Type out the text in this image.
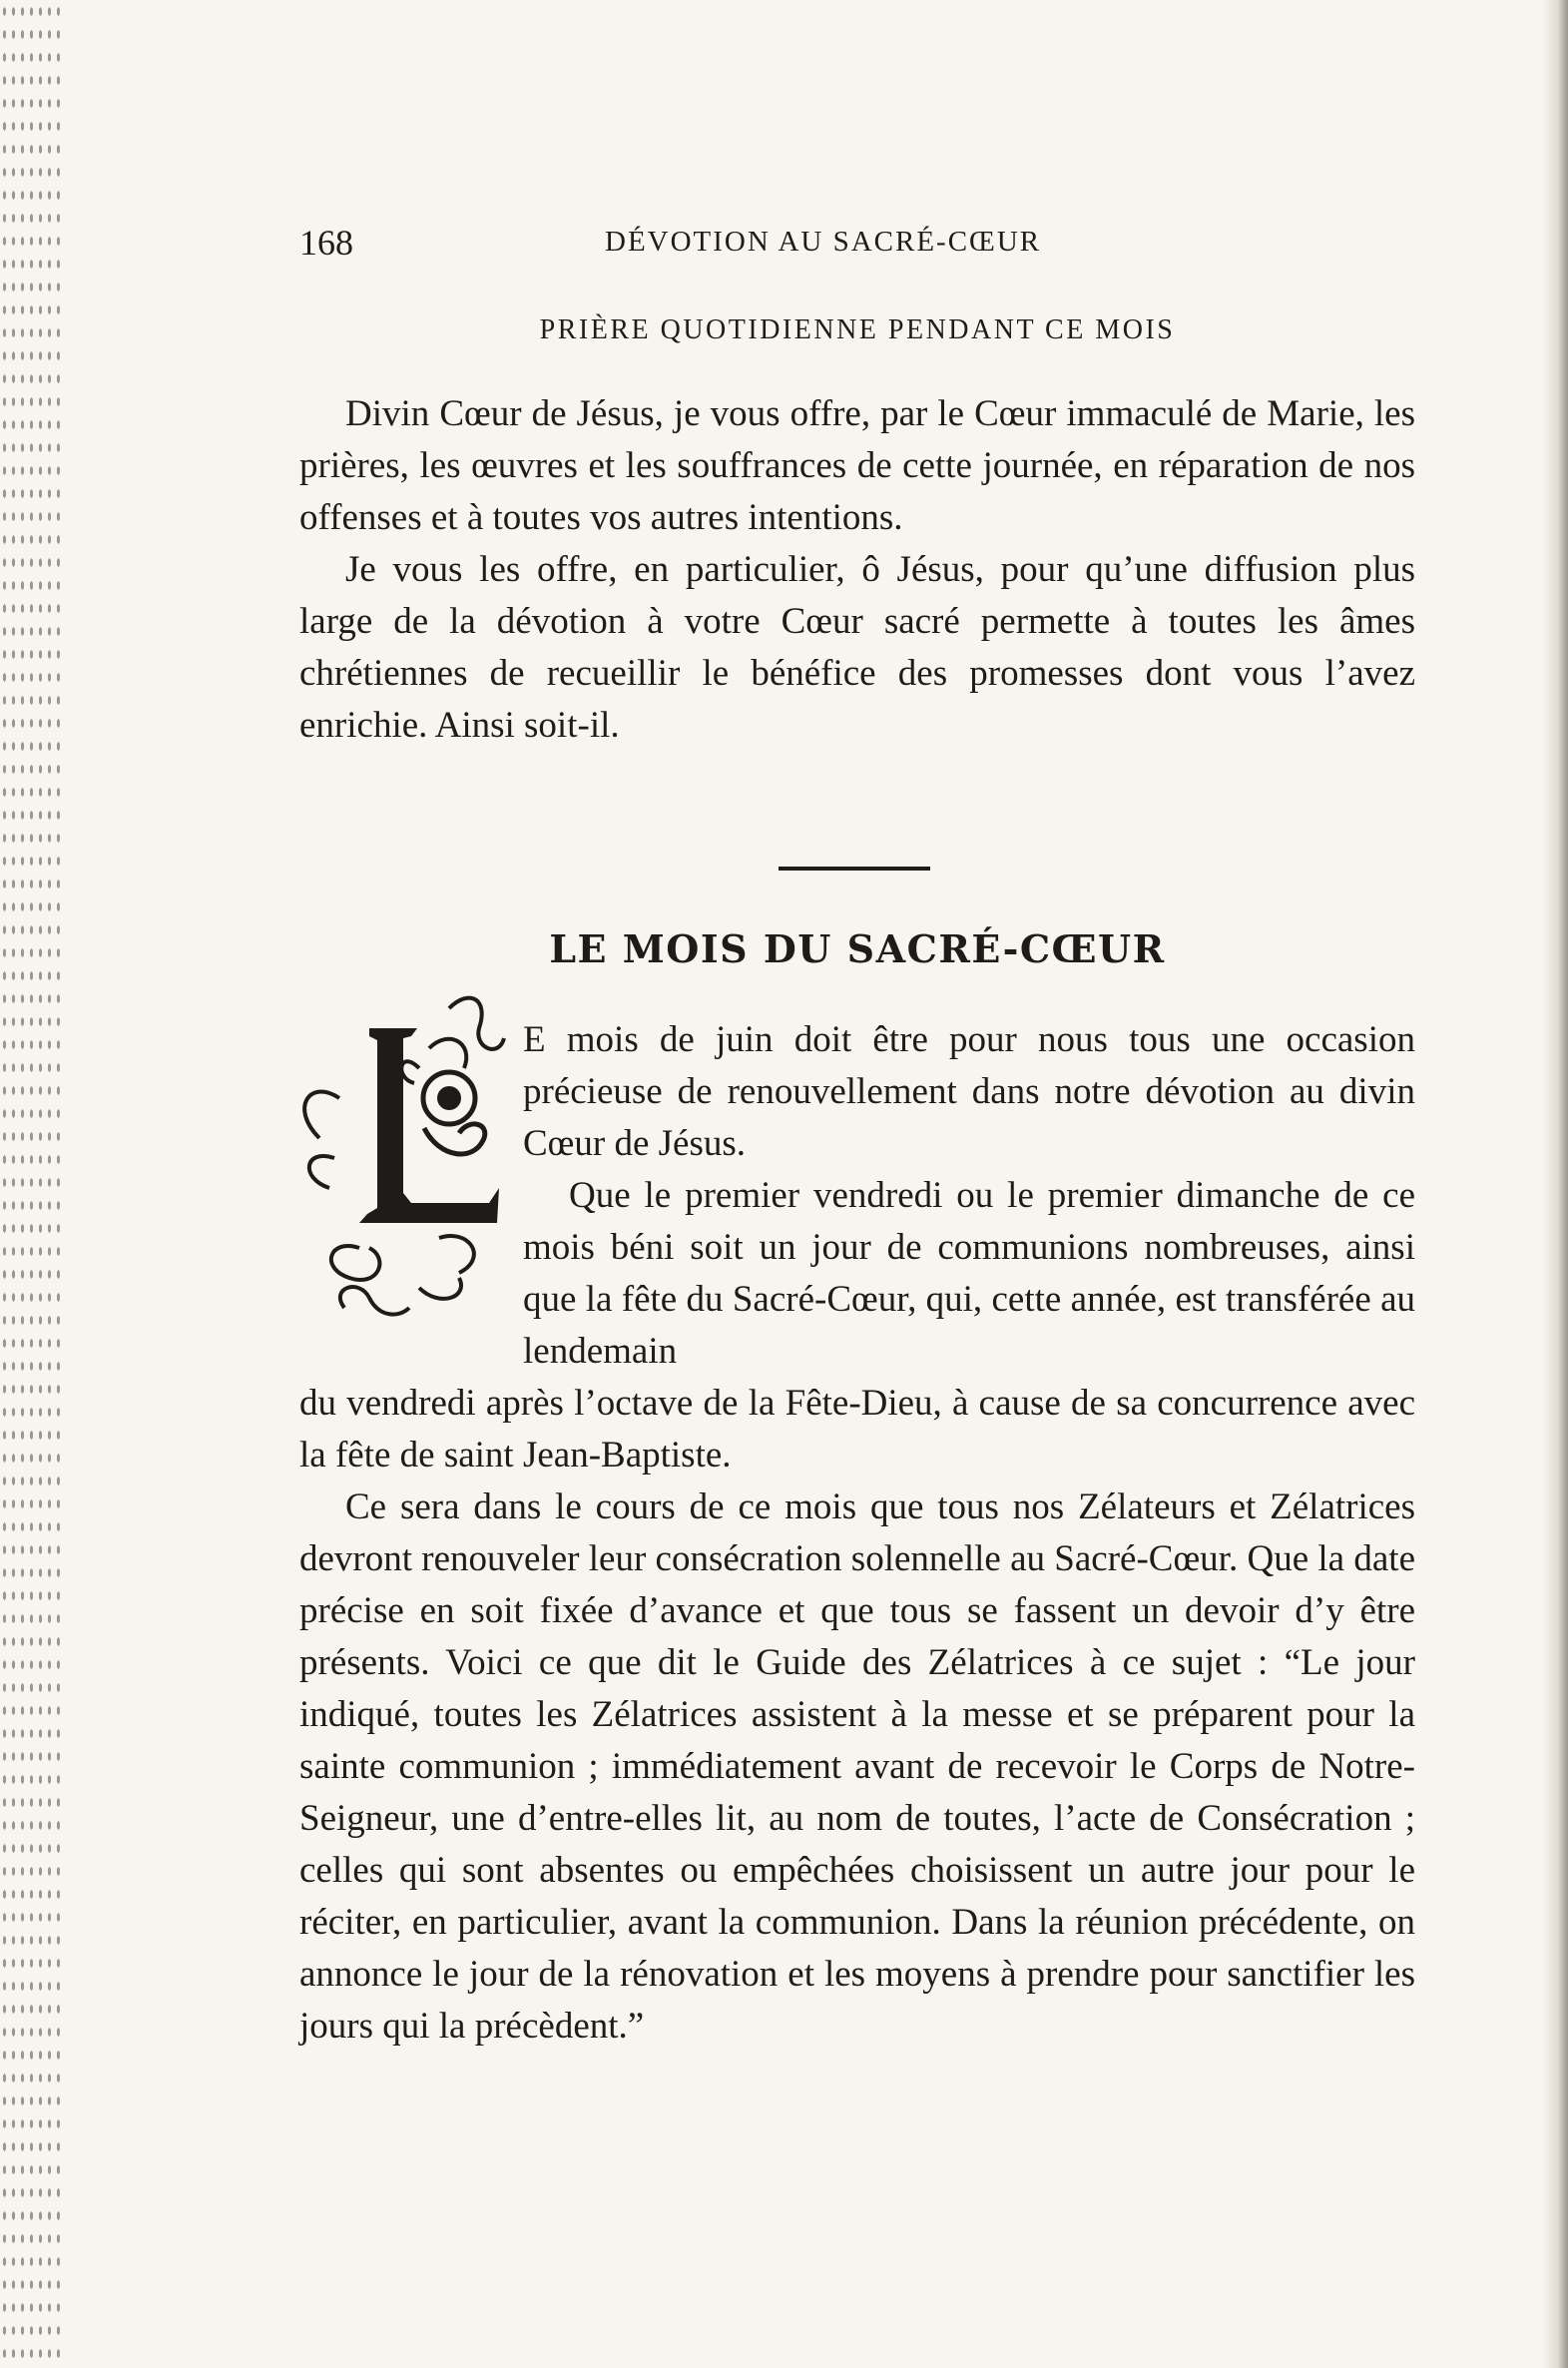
168	DÉVOTION AU SACRÉ-CŒUR
PRIÈRE QUOTIDIENNE PENDANT CE MOIS

Divin Cœur de Jésus, je vous offre, par le Cœur immaculé de Marie, les prières, les œuvres et les souffrances de cette journée, en réparation de nos offenses et à toutes vos autres intentions.

Je vous les offre, en particulier, ô Jésus, pour qu’une diffusion plus large de la dévotion à votre Cœur sacré permette à toutes les âmes chrétiennes de recueillir le bénéfice des promesses dont vous l’avez enrichie. Ainsi soit-il.

LE MOIS DU SACRÉ-CŒUR

E mois de juin doit être pour nous tous une occasion précieuse de renouvellement dans notre dévotion au divin Cœur de Jésus.

Que le premier vendredi ou le premier dimanche de ce mois béni soit un jour de communions nombreuses, ainsi que la fête du Sacré-Cœur, qui, cette année, est transférée au lendemain

du vendredi après l’octave de la Fête-Dieu, à cause de sa concurrence avec la fête de saint Jean-Baptiste.

Ce sera dans le cours de ce mois que tous nos Zélateurs et Zélatrices devront renouveler leur consécration solennelle au Sacré-Cœur. Que la date précise en soit fixée d’avance et que tous se fassent un devoir d’y être présents. Voici ce que dit le Guide des Zélatrices à ce sujet : “Le jour indiqué, toutes les Zélatrices assistent à la messe et se préparent pour la sainte communion ; immédiatement avant de recevoir le Corps de Notre-Seigneur, une d’entre-elles lit, au nom de toutes, l’acte de Consécration ; celles qui sont absentes ou empêchées choisissent un autre jour pour le réciter, en particulier, avant la communion. Dans la réunion précédente, on annonce le jour de la rénovation et les moyens à prendre pour sanctifier les jours qui la précèdent.”
